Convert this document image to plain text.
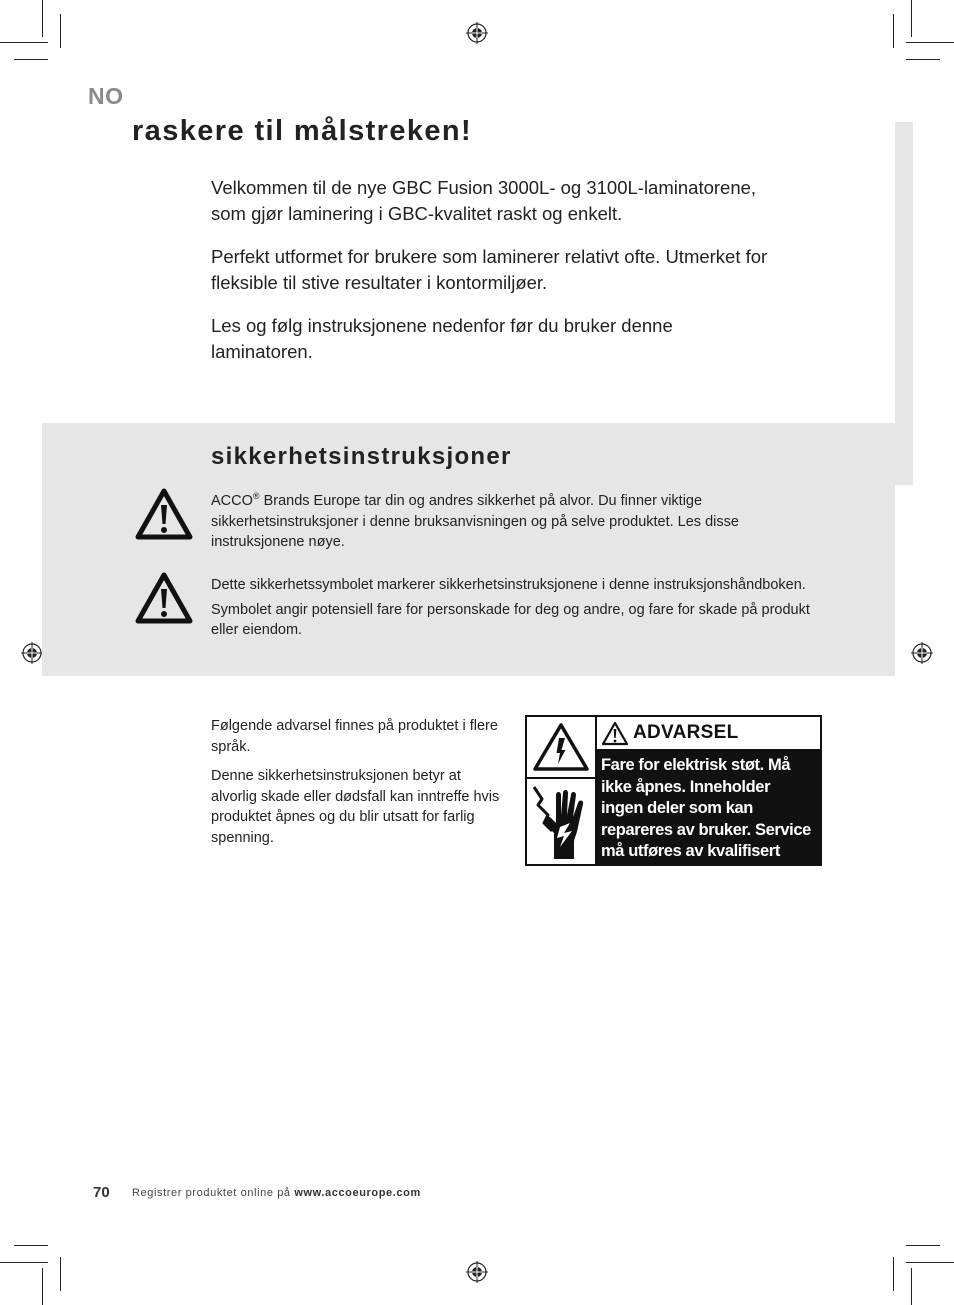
NO
raskere til målstreken!

Velkommen til de nye GBC Fusion 3000L- og 3100L-laminatorene, som gjør laminering i GBC-kvalitet raskt og enkelt.

Perfekt utformet for brukere som laminerer relativt ofte. Utmerket for fleksible til stive resultater i kontormiljøer.

Les og følg instruksjonene nedenfor før du bruker denne laminatoren.

sikkerhetsinstruksjoner
ACCO® Brands Europe tar din og andres sikkerhet på alvor. Du finner viktige sikkerhetsinstruksjoner i denne bruksanvisningen og på selve produktet. Les disse instruksjonene nøye.

Dette sikkerhetssymbolet markerer sikkerhetsinstruksjonene i denne instruksjonshåndboken.

Symbolet angir potensiell fare for personskade for deg og andre, og fare for skade på produkt eller eiendom.

Følgende advarsel finnes på produktet i flere språk.

Denne sikkerhetsinstruksjonen betyr at alvorlig skade eller dødsfall kan inntreffe hvis produktet åpnes og du blir utsatt for farlig spenning.

ADVARSEL
Fare for elektrisk støt. Må ikke åpnes. Inneholder ingen deler som kan repareres av bruker. Service må utføres av kvalifisert personell.
70 Registrer produktet online på www.accoeurope.com
